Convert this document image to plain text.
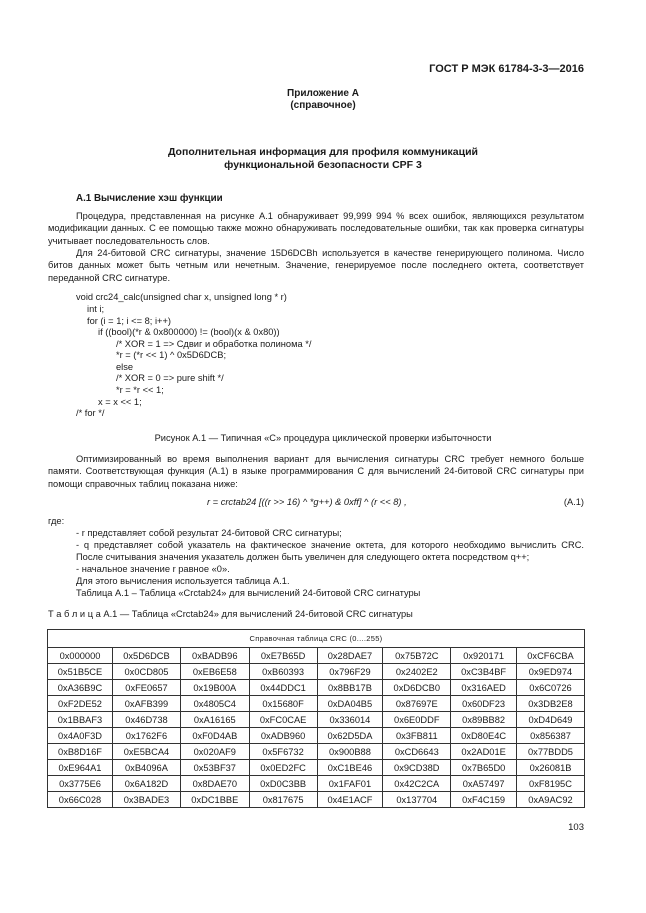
ГОСТ Р МЭК 61784-3-3—2016
Приложение А
(справочное)
Дополнительная информация для профиля коммуникаций
функциональной безопасности CPF 3
А.1 Вычисление хэш функции
Процедура, представленная на рисунке А.1 обнаруживает 99,999 994 % всех ошибок, являющихся результатом модификации данных. С ее помощью также можно обнаруживать последовательные ошибки, так как проверка сигнатуры учитывает последовательность слов.
Для 24-битовой CRC сигнатуры, значение 15D6DCBh используется в качестве генерирующего полинома. Число битов данных может быть четным или нечетным. Значение, генерируемое после последнего октета, соответствует переданной CRC сигнатуре.
void crc24_calc(unsigned char x, unsigned long * r)
int i;
for (i = 1; i <= 8; i++)
if ((bool)(*r & 0x800000) != (bool)(x & 0x80))
/* XOR = 1 => Сдвиг и обработка полинома */
*r = (*r << 1) ^ 0x5D6DCB;
else
/* XOR = 0 => pure shift */
*r = *r << 1;
x = x << 1;
/* for */
Рисунок А.1 — Типичная «C» процедура циклической проверки избыточности
Оптимизированный во время выполнения вариант для вычисления сигнатуры CRC требует немного больше памяти. Соответствующая функция (А.1) в языке программирования C для вычислений 24-битовой CRC сигнатуры при помощи справочных таблиц показана ниже:
r = crctab24 [((r >> 16) ^ *g++) & 0xff] ^ (r << 8) ,	(А.1)
где:
- r представляет собой результат 24-битовой CRC сигнатуры;
- q представляет собой указатель на фактическое значение октета, для которого необходимо вычислить CRC. После считывания значения указатель должен быть увеличен для следующего октета посредством q++;
- начальное значение r равное «0».
Для этого вычисления используется таблица А.1.
Таблица А.1 – Таблица «Crctab24» для вычислений 24-битовой CRC сигнатуры
Т а б л и ц а А.1 — Таблица «Crctab24» для вычислений 24-битовой CRC сигнатуры
Справочная таблица CRC (0....255)							
0x000000	0x5D6DCB	0xBADB96	0xE7B65D	0x28DAE7	0x75B72C	0x920171	0xCF6CBA
0x51B5CE	0x0CD805	0xEB6E58	0xB60393	0x796F29	0x2402E2	0xC3B4BF	0x9ED974
0xA36B9C	0xFE0657	0x19B00A	0x44DDC1	0x8BB17B	0xD6DCB0	0x316AED	0x6C0726
0xF2DE52	0xAFB399	0x4805C4	0x15680F	0xDA04B5	0x87697E	0x60DF23	0x3DB2E8
0x1BBAF3	0x46D738	0xA16165	0xFC0CAE	0x336014	0x6E0DDF	0x89BB82	0xD4D649
0x4A0F3D	0x1762F6	0xF0D4AB	0xADB960	0x62D5DA	0x3FB811	0xD80E4C	0x856387
0xB8D16F	0xE5BCA4	0x020AF9	0x5F6732	0x900B88	0xCD6643	0x2AD01E	0x77BDD5
0xE964A1	0xB4096A	0x53BF37	0x0ED2FC	0xC1BE46	0x9CD38D	0x7B65D0	0x26081B
0x3775E6	0x6A182D	0x8DAE70	0xD0C3BB	0x1FAF01	0x42C2CA	0xA57497	0xF8195C
0x66C028	0x3BADE3	0xDC1BBE	0x817675	0x4E1ACF	0x137704	0xF4C159	0xA9AC92
103
